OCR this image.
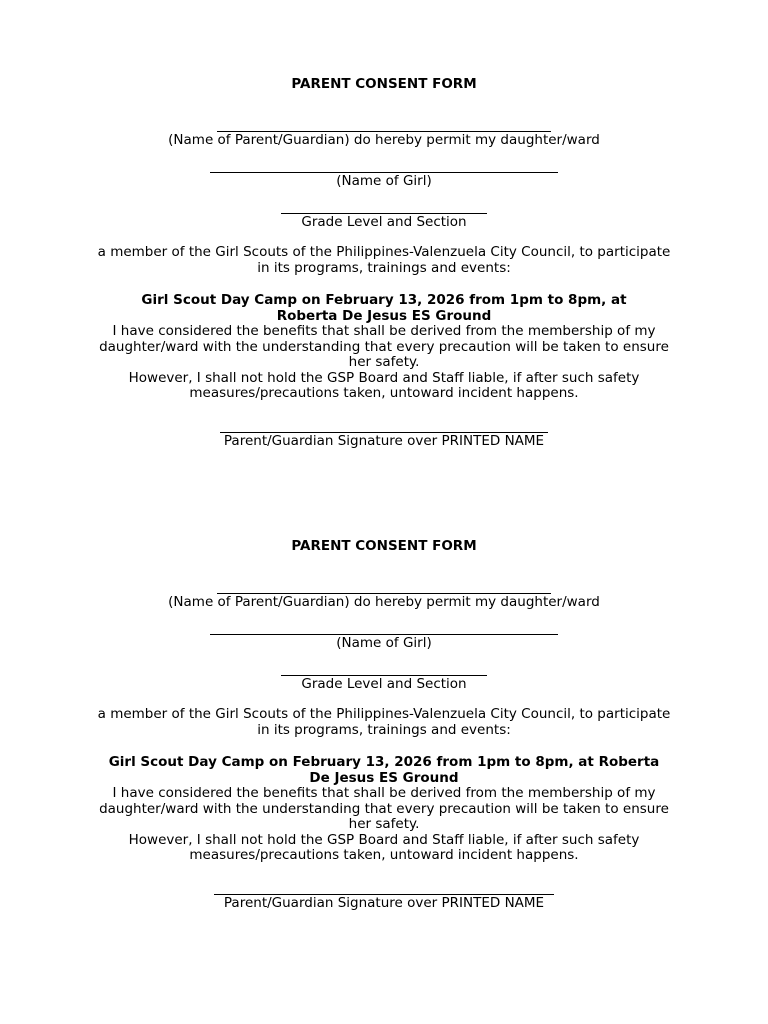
PARENT CONSENT FORM
(Name of Parent/Guardian) do hereby permit my daughter/ward
(Name of Girl)
Grade Level and Section
a member of the Girl Scouts of the Philippines-Valenzuela City Council, to participate in its programs, trainings and events:
Girl Scout Day Camp on February 13, 2026 from 1pm to 8pm, at
Roberta De Jesus ES Ground
I have considered the benefits that shall be derived from the membership of my daughter/ward with the understanding that every precaution will be taken to ensure her safety.
However, I shall not hold the GSP Board and Staff liable, if after such safety measures/precautions taken, untoward incident happens.
Parent/Guardian Signature over PRINTED NAME
PARENT CONSENT FORM
(Name of Parent/Guardian) do hereby permit my daughter/ward
(Name of Girl)
Grade Level and Section
a member of the Girl Scouts of the Philippines-Valenzuela City Council, to participate in its programs, trainings and events:
Girl Scout Day Camp on February 13, 2026 from 1pm to 8pm, at Roberta
De Jesus ES Ground
I have considered the benefits that shall be derived from the membership of my daughter/ward with the understanding that every precaution will be taken to ensure her safety.
However, I shall not hold the GSP Board and Staff liable, if after such safety measures/precautions taken, untoward incident happens.
Parent/Guardian Signature over PRINTED NAME
